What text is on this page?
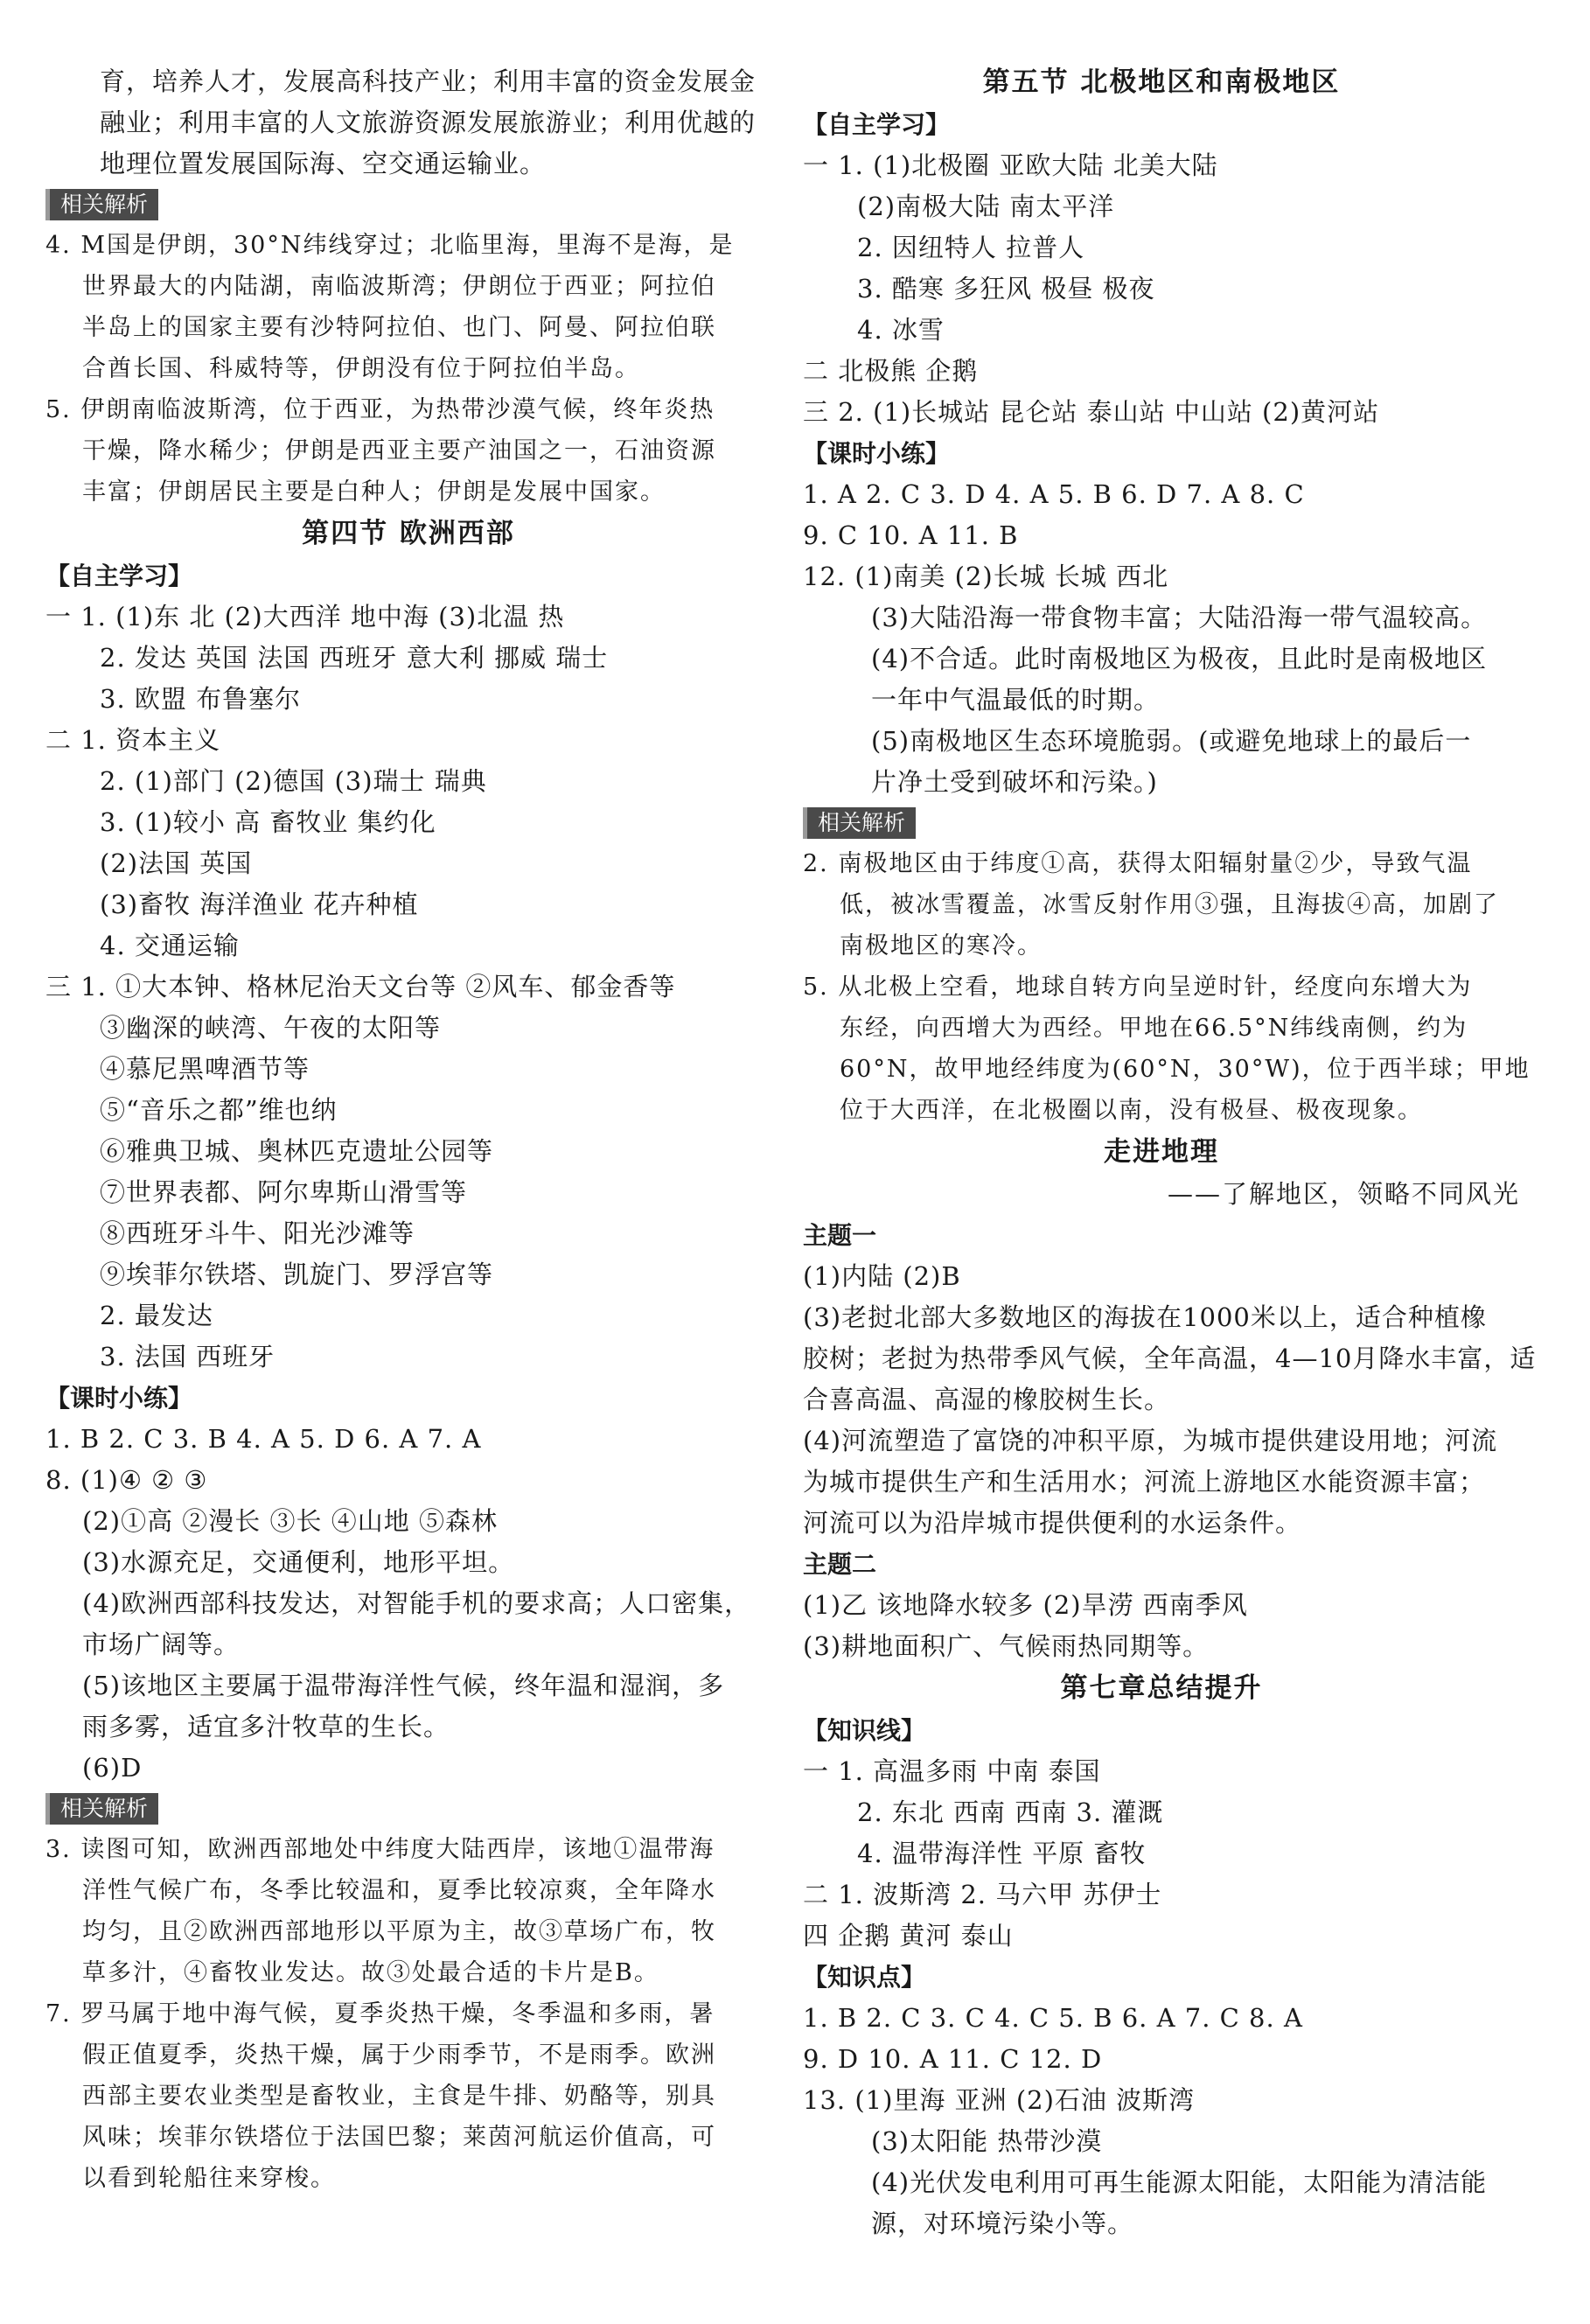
育，培养人才，发展高科技产业；利用丰富的资金发展金
融业；利用丰富的人文旅游资源发展旅游业；利用优越的
地理位置发展国际海、空交通运输业。
相关解析
4. M国是伊朗，30°N纬线穿过；北临里海，里海不是海，是
世界最大的内陆湖，南临波斯湾；伊朗位于西亚；阿拉伯
半岛上的国家主要有沙特阿拉伯、也门、阿曼、阿拉伯联
合酋长国、科威特等，伊朗没有位于阿拉伯半岛。
5. 伊朗南临波斯湾，位于西亚，为热带沙漠气候，终年炎热
干燥，降水稀少；伊朗是西亚主要产油国之一，石油资源
丰富；伊朗居民主要是白种人；伊朗是发展中国家。
第四节 欧洲西部
【自主学习】
一 1. (1)东 北 (2)大西洋 地中海 (3)北温 热
2. 发达 英国 法国 西班牙 意大利 挪威 瑞士
3. 欧盟 布鲁塞尔
二 1. 资本主义
2. (1)部门 (2)德国 (3)瑞士 瑞典
3. (1)较小 高 畜牧业 集约化
(2)法国 英国
(3)畜牧 海洋渔业 花卉种植
4. 交通运输
三 1. ①大本钟、格林尼治天文台等 ②风车、郁金香等
③幽深的峡湾、午夜的太阳等
④慕尼黑啤酒节等
⑤“音乐之都”维也纳
⑥雅典卫城、奥林匹克遗址公园等
⑦世界表都、阿尔卑斯山滑雪等
⑧西班牙斗牛、阳光沙滩等
⑨埃菲尔铁塔、凯旋门、罗浮宫等
2. 最发达
3. 法国 西班牙
【课时小练】
1. B 2. C 3. B 4. A 5. D 6. A 7. A
8. (1)④ ② ③
(2)①高 ②漫长 ③长 ④山地 ⑤森林
(3)水源充足，交通便利，地形平坦。
(4)欧洲西部科技发达，对智能手机的要求高；人口密集，
市场广阔等。
(5)该地区主要属于温带海洋性气候，终年温和湿润，多
雨多雾，适宜多汁牧草的生长。
(6)D
相关解析
3. 读图可知，欧洲西部地处中纬度大陆西岸，该地①温带海
洋性气候广布，冬季比较温和，夏季比较凉爽，全年降水
均匀，且②欧洲西部地形以平原为主，故③草场广布，牧
草多汁，④畜牧业发达。故③处最合适的卡片是B。
7. 罗马属于地中海气候，夏季炎热干燥，冬季温和多雨，暑
假正值夏季，炎热干燥，属于少雨季节，不是雨季。欧洲
西部主要农业类型是畜牧业，主食是牛排、奶酪等，别具
风味；埃菲尔铁塔位于法国巴黎；莱茵河航运价值高，可
以看到轮船往来穿梭。
第五节 北极地区和南极地区
【自主学习】
一 1. (1)北极圈 亚欧大陆 北美大陆
(2)南极大陆 南太平洋
2. 因纽特人 拉普人
3. 酷寒 多狂风 极昼 极夜
4. 冰雪
二 北极熊 企鹅
三 2. (1)长城站 昆仑站 泰山站 中山站 (2)黄河站
【课时小练】
1. A 2. C 3. D 4. A 5. B 6. D 7. A 8. C
9. C 10. A 11. B
12. (1)南美 (2)长城 长城 西北
(3)大陆沿海一带食物丰富；大陆沿海一带气温较高。
(4)不合适。此时南极地区为极夜，且此时是南极地区
一年中气温最低的时期。
(5)南极地区生态环境脆弱。(或避免地球上的最后一
片净土受到破坏和污染。)
相关解析
2. 南极地区由于纬度①高，获得太阳辐射量②少，导致气温
低，被冰雪覆盖，冰雪反射作用③强，且海拔④高，加剧了
南极地区的寒冷。
5. 从北极上空看，地球自转方向呈逆时针，经度向东增大为
东经，向西增大为西经。甲地在66.5°N纬线南侧，约为
60°N，故甲地经纬度为(60°N，30°W)，位于西半球；甲地
位于大西洋，在北极圈以南，没有极昼、极夜现象。
走进地理
——了解地区，领略不同风光
主题一
(1)内陆 (2)B
(3)老挝北部大多数地区的海拔在1000米以上，适合种植橡
胶树；老挝为热带季风气候，全年高温，4—10月降水丰富，适
合喜高温、高湿的橡胶树生长。
(4)河流塑造了富饶的冲积平原，为城市提供建设用地；河流
为城市提供生产和生活用水；河流上游地区水能资源丰富；
河流可以为沿岸城市提供便利的水运条件。
主题二
(1)乙 该地降水较多 (2)旱涝 西南季风
(3)耕地面积广、气候雨热同期等。
第七章总结提升
【知识线】
一 1. 高温多雨 中南 泰国
2. 东北 西南 西南 3. 灌溉
4. 温带海洋性 平原 畜牧
二 1. 波斯湾 2. 马六甲 苏伊士
四 企鹅 黄河 泰山
【知识点】
1. B 2. C 3. C 4. C 5. B 6. A 7. C 8. A
9. D 10. A 11. C 12. D
13. (1)里海 亚洲 (2)石油 波斯湾
(3)太阳能 热带沙漠
(4)光伏发电利用可再生能源太阳能，太阳能为清洁能
源，对环境污染小等。
